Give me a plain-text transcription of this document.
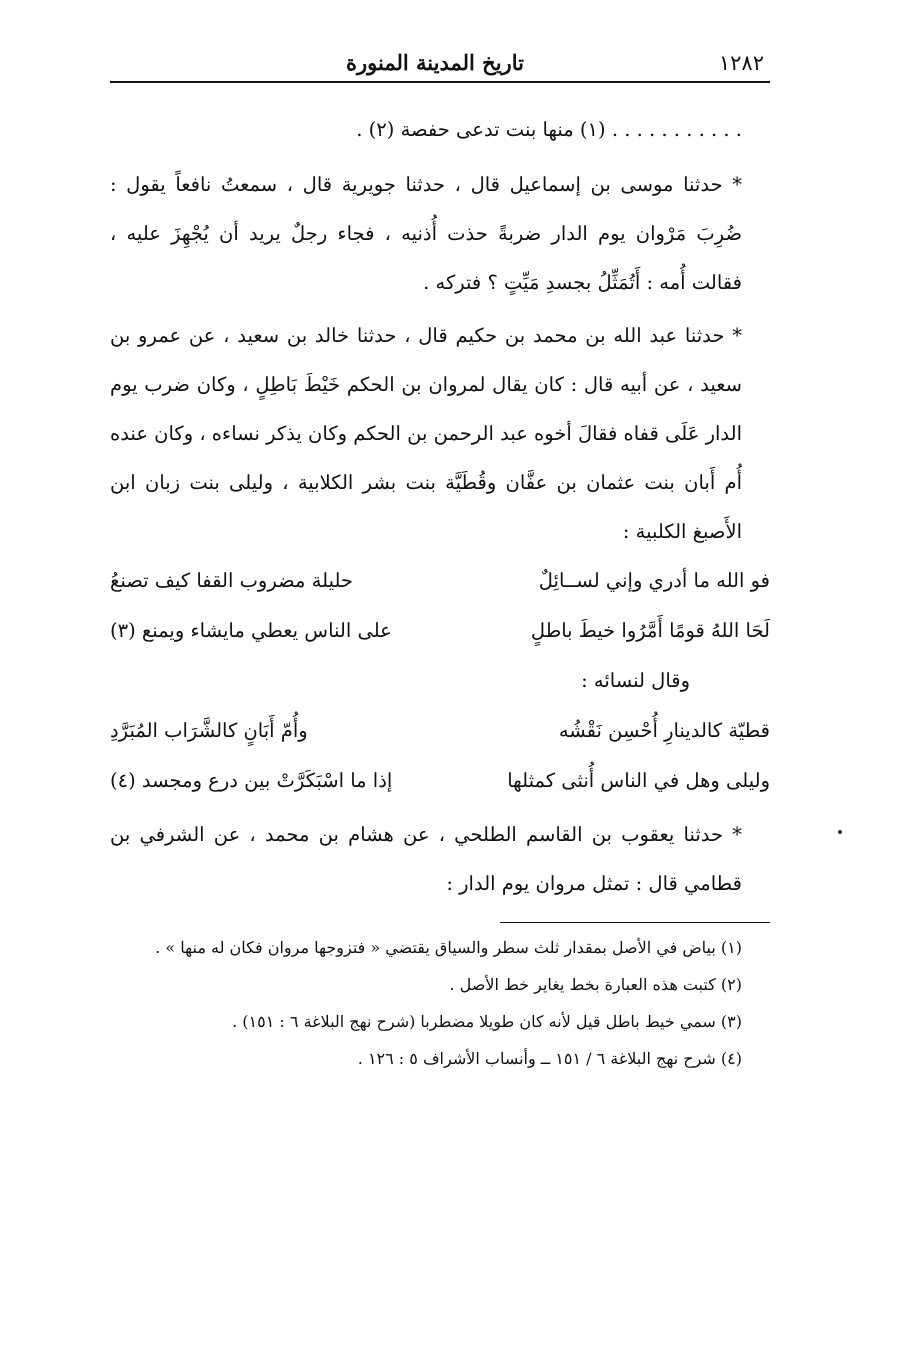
١٢٨٢
تاريخ المدينة المنورة

. . . . . . . . . . . (١) منها بنت تدعى حفصة (٢) .

* حدثنا موسى بن إسماعيل قال ، حدثنا جويرية قال ، سمعتُ نافعاً يقول : ضُرِبَ مَرْوان يوم الدار ضربةً حذت أُذنيه ، فجاء رجلٌ يريد أن يُجْهِزَ عليه ، فقالت أُمه : أَتُمَثِّلُ بجسدِ مَيِّتٍ ؟ فتركه .

* حدثنا عبد الله بن محمد بن حكيم قال ، حدثنا خالد بن سعيد ، عن عمرو بن سعيد ، عن أبيه قال : كان يقال لمروان بن الحكم خَيْطَ بَاطِلٍ ، وكان ضرب يوم الدار عَلَى قفاه فقالَ أخوه عبد الرحمن بن الحكم وكان يذكر نساءه ، وكان عنده أُم أَبان بنت عثمان بن عفَّان وقُطَيَّة بنت بشر الكلابية ، وليلى بنت زبان ابن الأَصبغ الكلبية :

فو الله ما أدري وإني لســائِلٌ
حليلة مضروب القفا كيف تصنعُ
لَحَا اللهُ قومًا أَمَّرُوا خيطَ باطلٍ
على الناس يعطي مايشاء ويمنع (٣)

وقال لنسائه :

قطيّة كالدينارِ أُحْسِن نَقْشُه
وأُمّ أَبَانٍ كالشَّرَاب المُبَرَّدِ
وليلى وهل في الناس أُنثى كمثلها
إذا ما اسْبَكَرَّتْ بين درع ومجسد (٤)

* حدثنا يعقوب بن القاسم الطلحي ، عن هشام بن محمد ، عن الشرفي بن قطامي قال : تمثل مروان يوم الدار :

(١) بياض في الأصل بمقدار ثلث سطر والسياق يقتضي « فتزوجها مروان فكان له منها » .

(٢) كتبت هذه العبارة بخط يغاير خط الأصل .

(٣) سمي خيط باطل قيل لأنه كان طويلا مضطربا (شرح نهج البلاغة ٦ : ١٥١) .

(٤) شرح نهج البلاغة ٦ / ١٥١ ــ وأنساب الأشراف ٥ : ١٢٦ .
